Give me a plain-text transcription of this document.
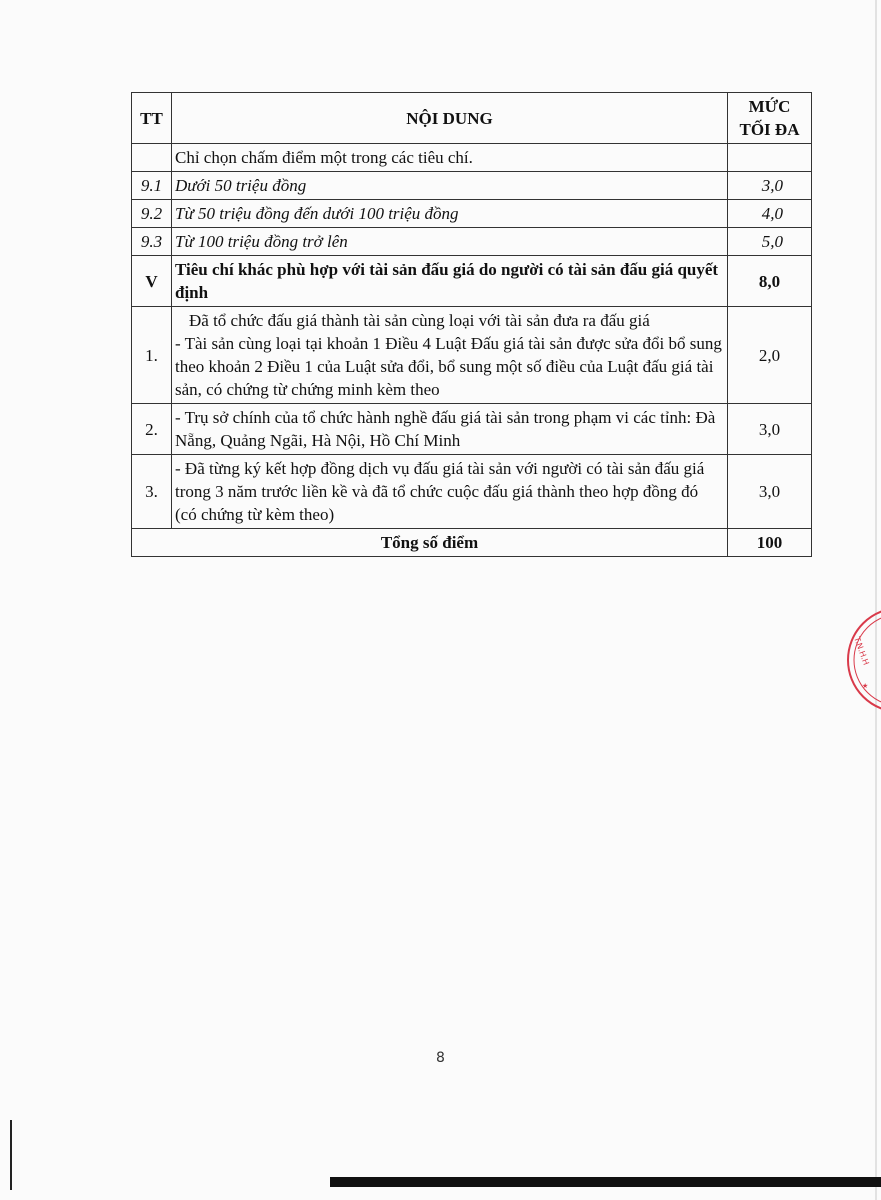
TT	NỘI DUNG	MỨC
TỐI ĐA

	Chỉ chọn chấm điểm một trong các tiêu chí.	
9.1	Dưới 50 triệu đồng	3,0
9.2	Từ 50 triệu đồng đến dưới 100 triệu đồng	4,0
9.3	Từ 100 triệu đồng trở lên	5,0
V	Tiêu chí khác phù hợp với tài sản đấu giá do người có tài sản đấu giá quyết định	8,0
1.	Đã tổ chức đấu giá thành tài sản cùng loại với tài sản đưa ra đấu giá
- Tài sản cùng loại tại khoản 1 Điều 4 Luật Đấu giá tài sản được sửa đổi bổ sung theo khoản 2 Điều 1 của Luật sửa đổi, bổ sung một số điều của Luật đấu giá tài sản, có chứng từ chứng minh kèm theo	2,0
2.	- Trụ sở chính của tổ chức hành nghề đấu giá tài sản trong phạm vi các tỉnh: Đà Nẵng, Quảng Ngãi, Hà Nội, Hồ Chí Minh	3,0
3.	- Đã từng ký kết hợp đồng dịch vụ đấu giá tài sản với người có tài sản đấu giá trong 3 năm trước liền kề và đã tổ chức cuộc đấu giá thành theo hợp đồng đó (có chứng từ kèm theo)	3,0
Tổng số điểm		100
8
T.N.H.H
★
